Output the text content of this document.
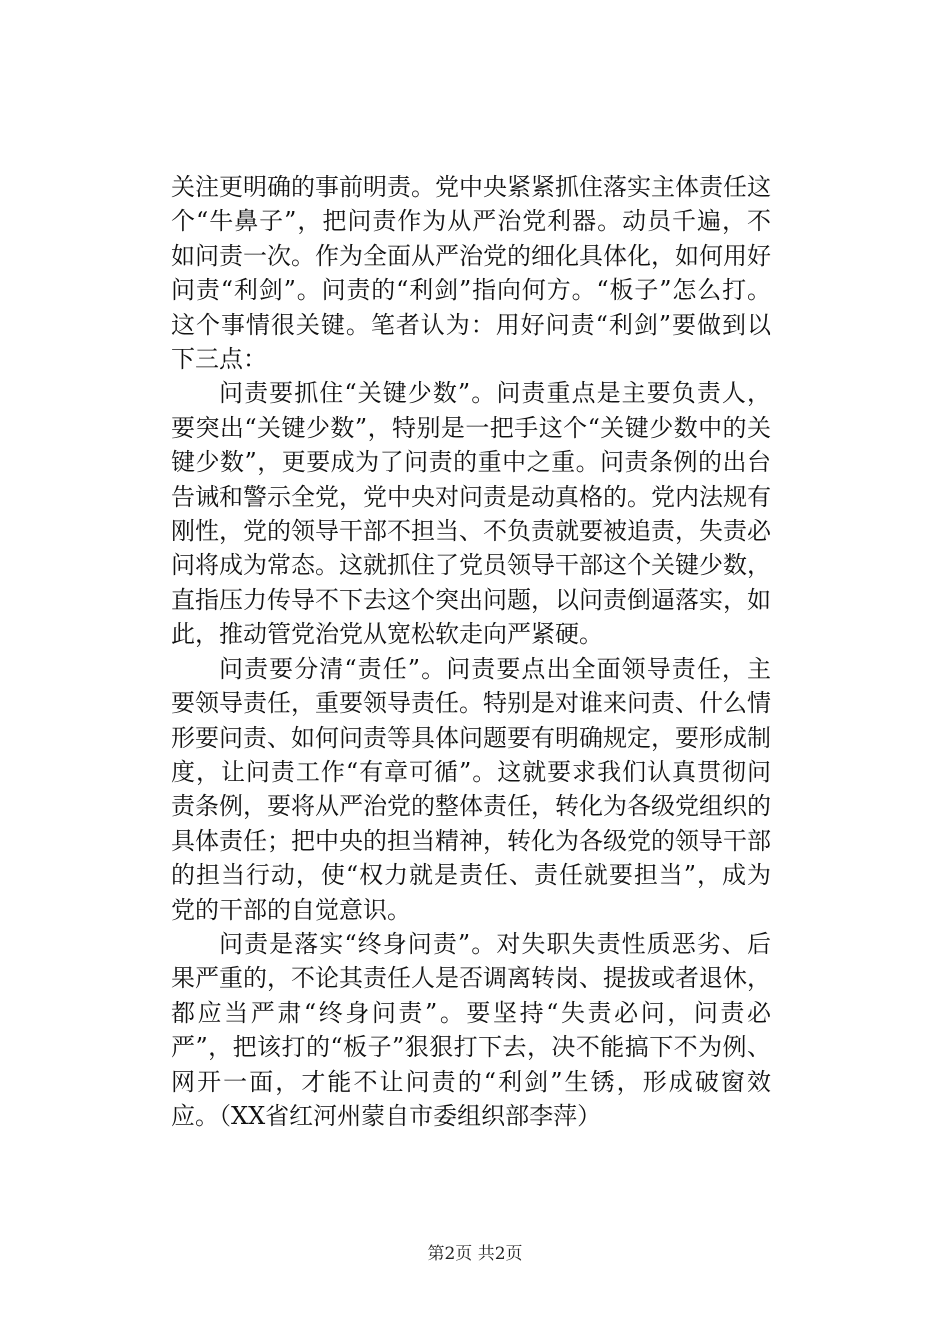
关注更明确的事前明责。党中央紧紧抓住落实主体责任这个“牛鼻子”，把问责作为从严治党利器。动员千遍，不如问责一次。作为全面从严治党的细化具体化，如何用好问责“利剑”。问责的“利剑”指向何方。“板子”怎么打。这个事情很关键。笔者认为：用好问责“利剑”要做到以下三点：

问责要抓住“关键少数”。问责重点是主要负责人，要突出“关键少数”，特别是一把手这个“关键少数中的关键少数”，更要成为了问责的重中之重。问责条例的出台告诫和警示全党，党中央对问责是动真格的。党内法规有刚性，党的领导干部不担当、不负责就要被追责，失责必问将成为常态。这就抓住了党员领导干部这个关键少数，直指压力传导不下去这个突出问题，以问责倒逼落实，如此，推动管党治党从宽松软走向严紧硬。

问责要分清“责任”。问责要点出全面领导责任，主要领导责任，重要领导责任。特别是对谁来问责、什么情形要问责、如何问责等具体问题要有明确规定，要形成制度，让问责工作“有章可循”。这就要求我们认真贯彻问责条例，要将从严治党的整体责任，转化为各级党组织的具体责任；把中央的担当精神，转化为各级党的领导干部的担当行动，使“权力就是责任、责任就要担当”，成为党的干部的自觉意识。

问责是落实“终身问责”。对失职失责性质恶劣、后果严重的，不论其责任人是否调离转岗、提拔或者退休，都应当严肃“终身问责”。要坚持“失责必问，问责必严”，把该打的“板子”狠狠打下去，决不能搞下不为例、网开一面，才能不让问责的“利剑”生锈，形成破窗效应。（XX省红河州蒙自市委组织部李萍）

第2页 共2页
